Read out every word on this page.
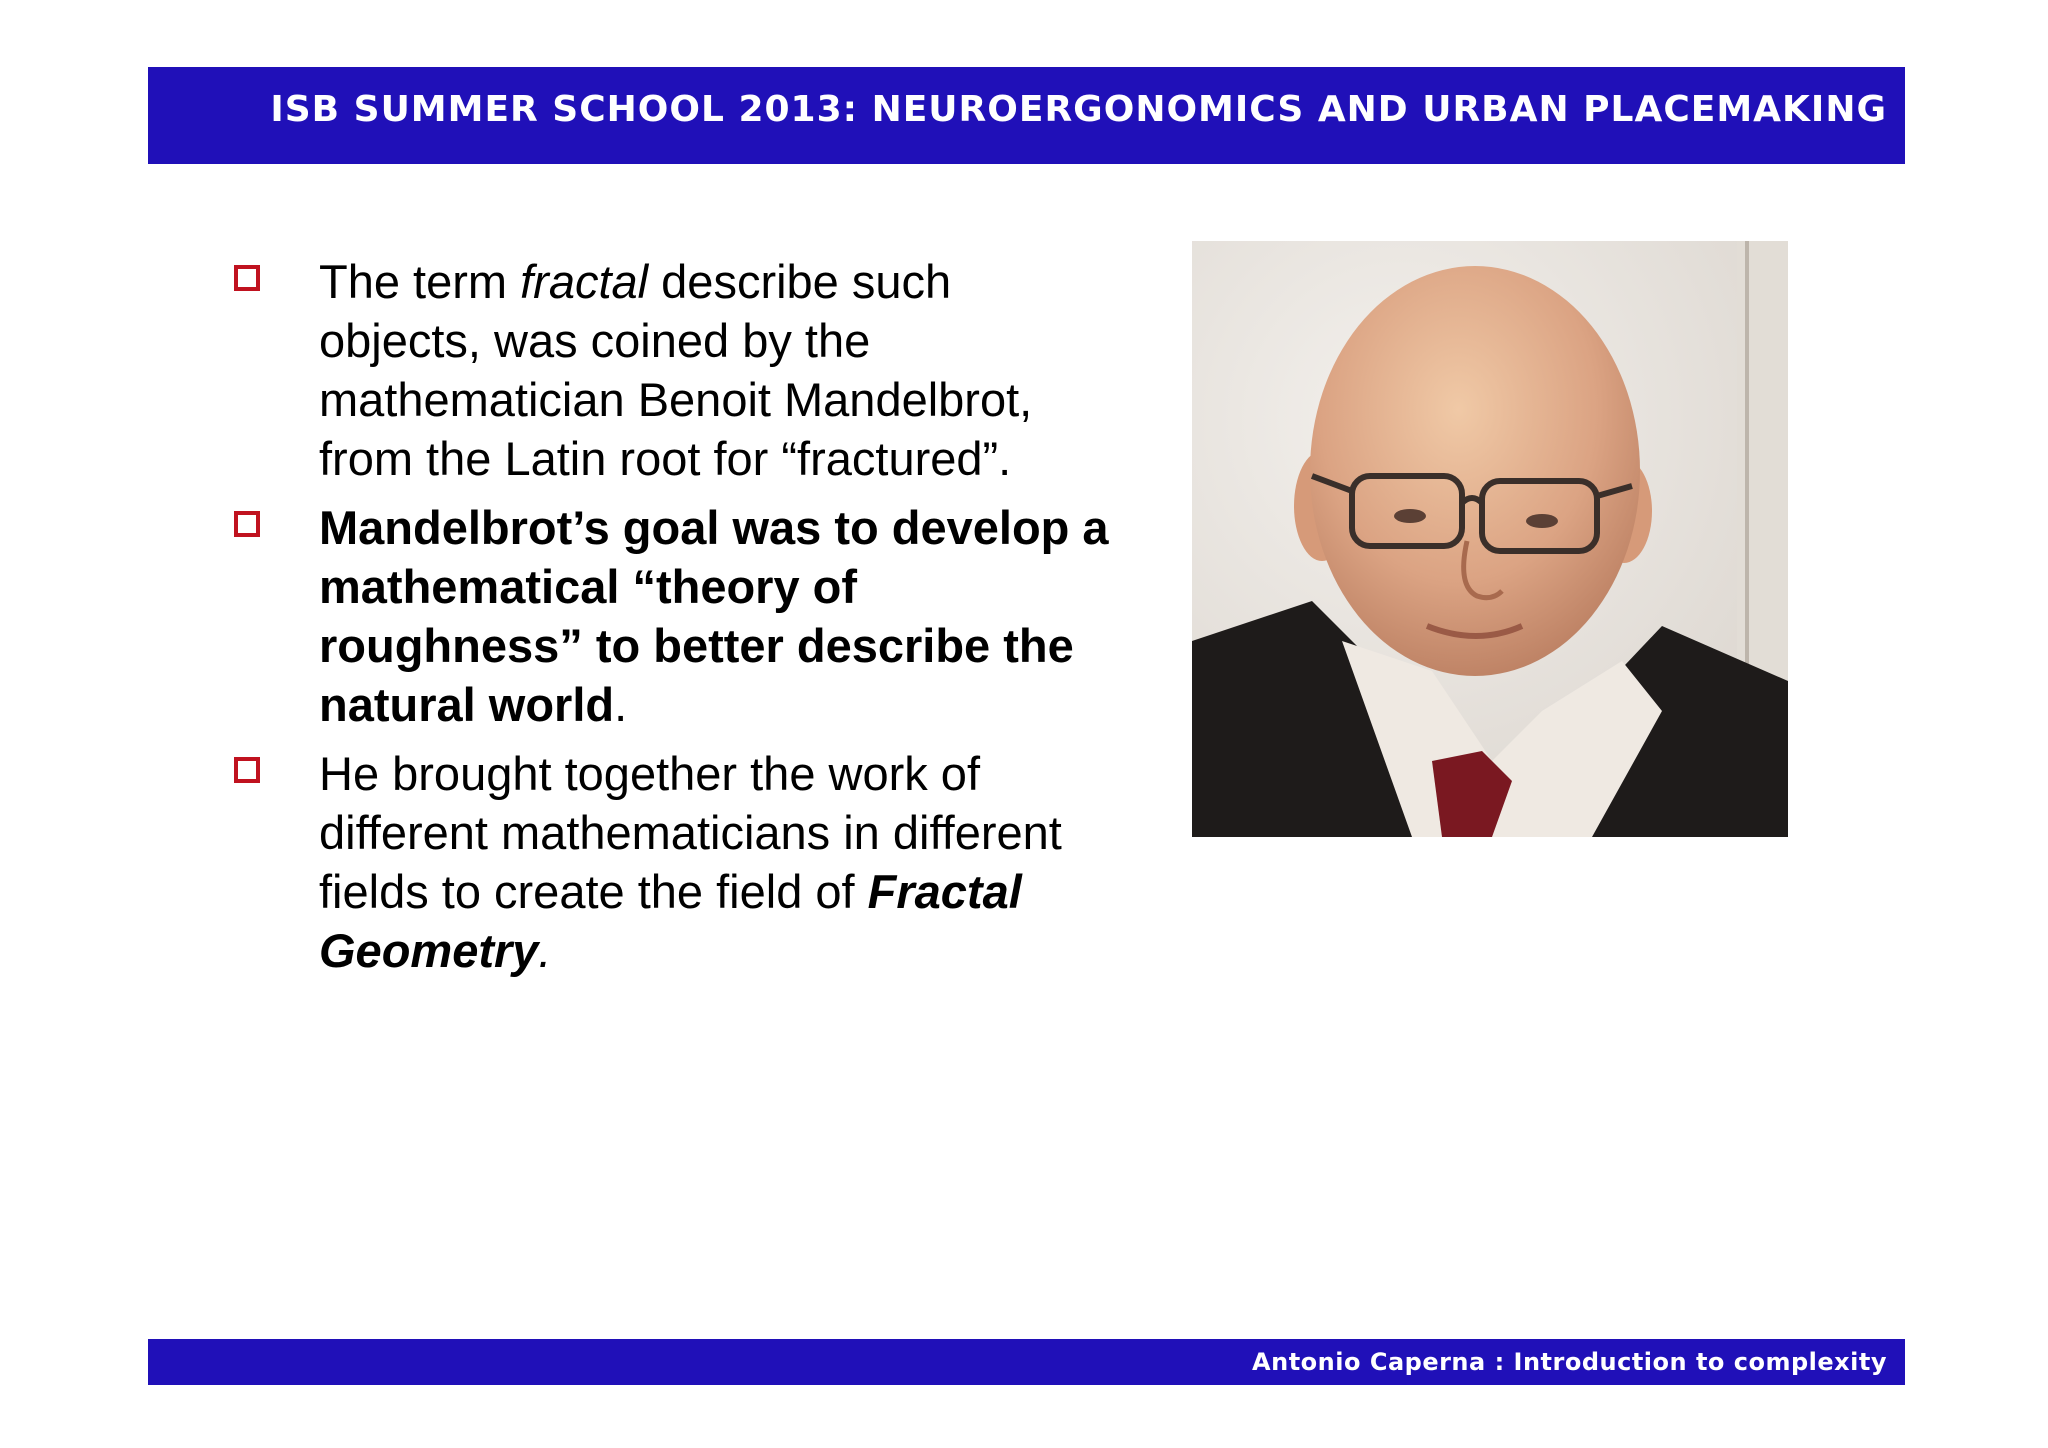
ISB SUMMER SCHOOL 2013: NEUROERGONOMICS AND URBAN PLACEMAKING
The term fractal describe such objects, was coined by the mathematician Benoit Mandelbrot, from the Latin root for “fractured”.
Mandelbrot’s goal was to develop a mathematical “theory of roughness” to better describe the natural world.
He brought together the work of different mathematicians in different fields to create the field of Fractal Geometry.
Antonio Caperna : Introduction to complexity
